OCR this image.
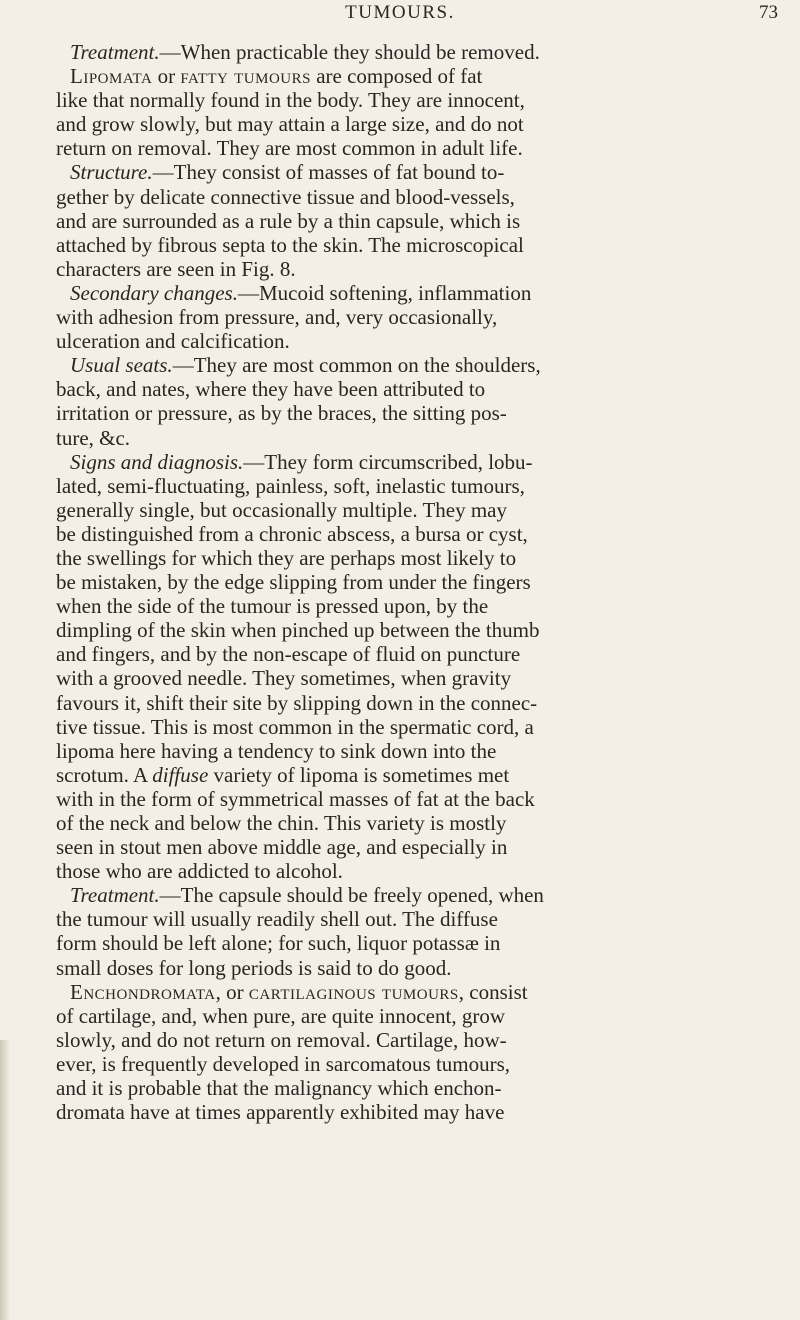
TUMOURS.	73
Treatment.—When practicable they should be removed.
Lipomata or fatty tumours are composed of fat
like that normally found in the body. They are innocent,
and grow slowly, but may attain a large size, and do not
return on removal. They are most common in adult life.
Structure.—They consist of masses of fat bound to-
gether by delicate connective tissue and blood-vessels,
and are surrounded as a rule by a thin capsule, which is
attached by fibrous septa to the skin. The microscopical
characters are seen in Fig. 8.
Secondary changes.—Mucoid softening, inflammation
with adhesion from pressure, and, very occasionally,
ulceration and calcification.
Usual seats.—They are most common on the shoulders,
back, and nates, where they have been attributed to
irritation or pressure, as by the braces, the sitting pos-
ture, &c.
Signs and diagnosis.—They form circumscribed, lobu-
lated, semi-fluctuating, painless, soft, inelastic tumours,
generally single, but occasionally multiple. They may
be distinguished from a chronic abscess, a bursa or cyst,
the swellings for which they are perhaps most likely to
be mistaken, by the edge slipping from under the fingers
when the side of the tumour is pressed upon, by the
dimpling of the skin when pinched up between the thumb
and fingers, and by the non-escape of fluid on puncture
with a grooved needle. They sometimes, when gravity
favours it, shift their site by slipping down in the connec-
tive tissue. This is most common in the spermatic cord, a
lipoma here having a tendency to sink down into the
scrotum. A diffuse variety of lipoma is sometimes met
with in the form of symmetrical masses of fat at the back
of the neck and below the chin. This variety is mostly
seen in stout men above middle age, and especially in
those who are addicted to alcohol.
Treatment.—The capsule should be freely opened, when
the tumour will usually readily shell out. The diffuse
form should be left alone; for such, liquor potassæ in
small doses for long periods is said to do good.
Enchondromata, or cartilaginous tumours, consist
of cartilage, and, when pure, are quite innocent, grow
slowly, and do not return on removal. Cartilage, how-
ever, is frequently developed in sarcomatous tumours,
and it is probable that the malignancy which enchon-
dromata have at times apparently exhibited may have
